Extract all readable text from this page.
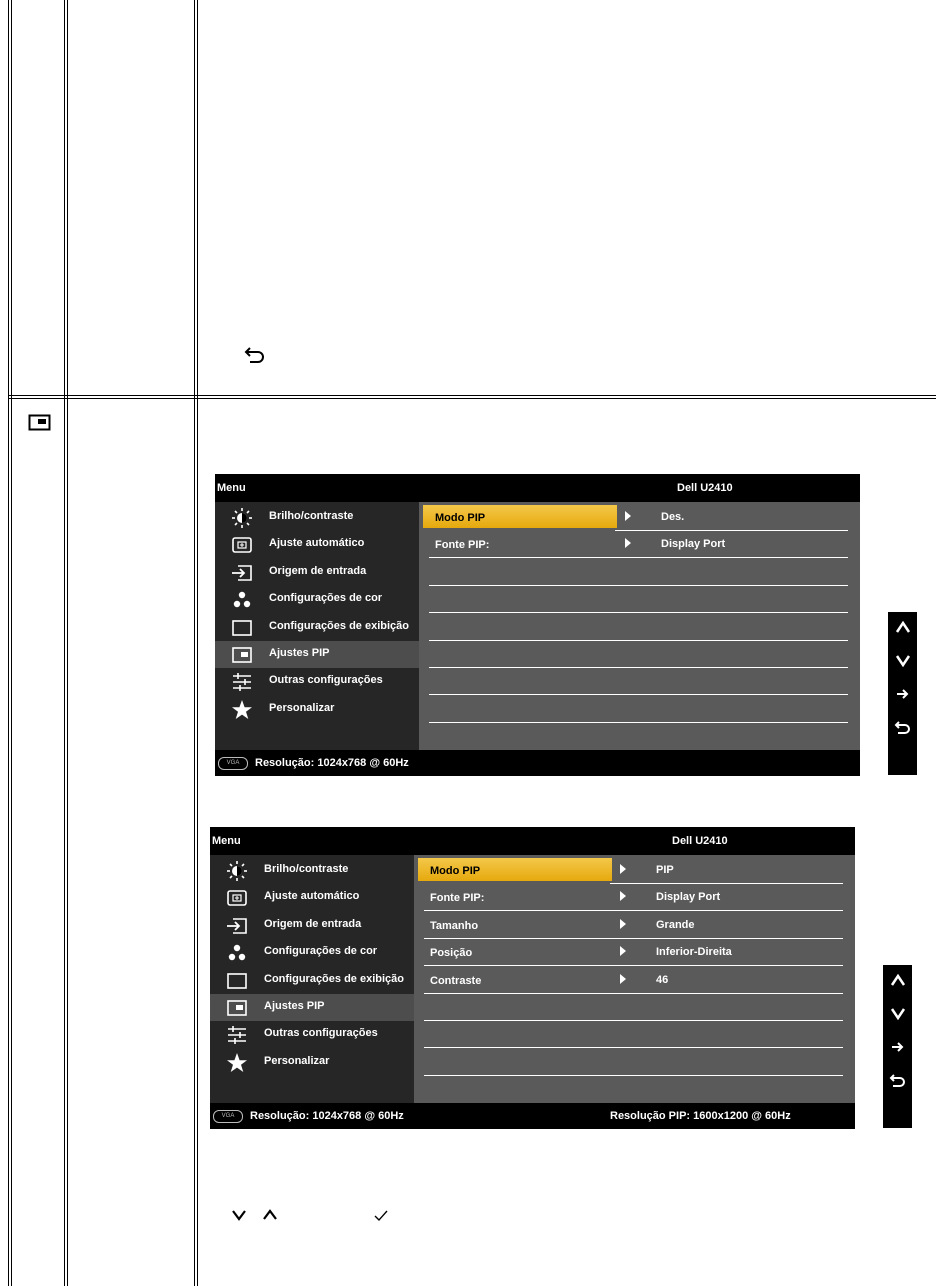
Menu	Dell U2410
Brilho/contraste
Ajuste automático
Origem de entrada
Configurações de cor
Configurações de exibição
Ajustes PIP
Outras configurações
Personalizar
Modo PIP	Des.
Fonte PIP:	Display Port
VGA	Resolução: 1024x768 @ 60Hz
Menu	Dell U2410
Brilho/contraste
Ajuste automático
Origem de entrada
Configurações de cor
Configurações de exibição
Ajustes PIP
Outras configurações
Personalizar
Modo PIP	PIP
Fonte PIP:	Display Port
Tamanho	Grande
Posição	Inferior-Direita
Contraste	46
VGA	Resolução: 1024x768 @ 60Hz	Resolução PIP: 1600x1200 @ 60Hz
